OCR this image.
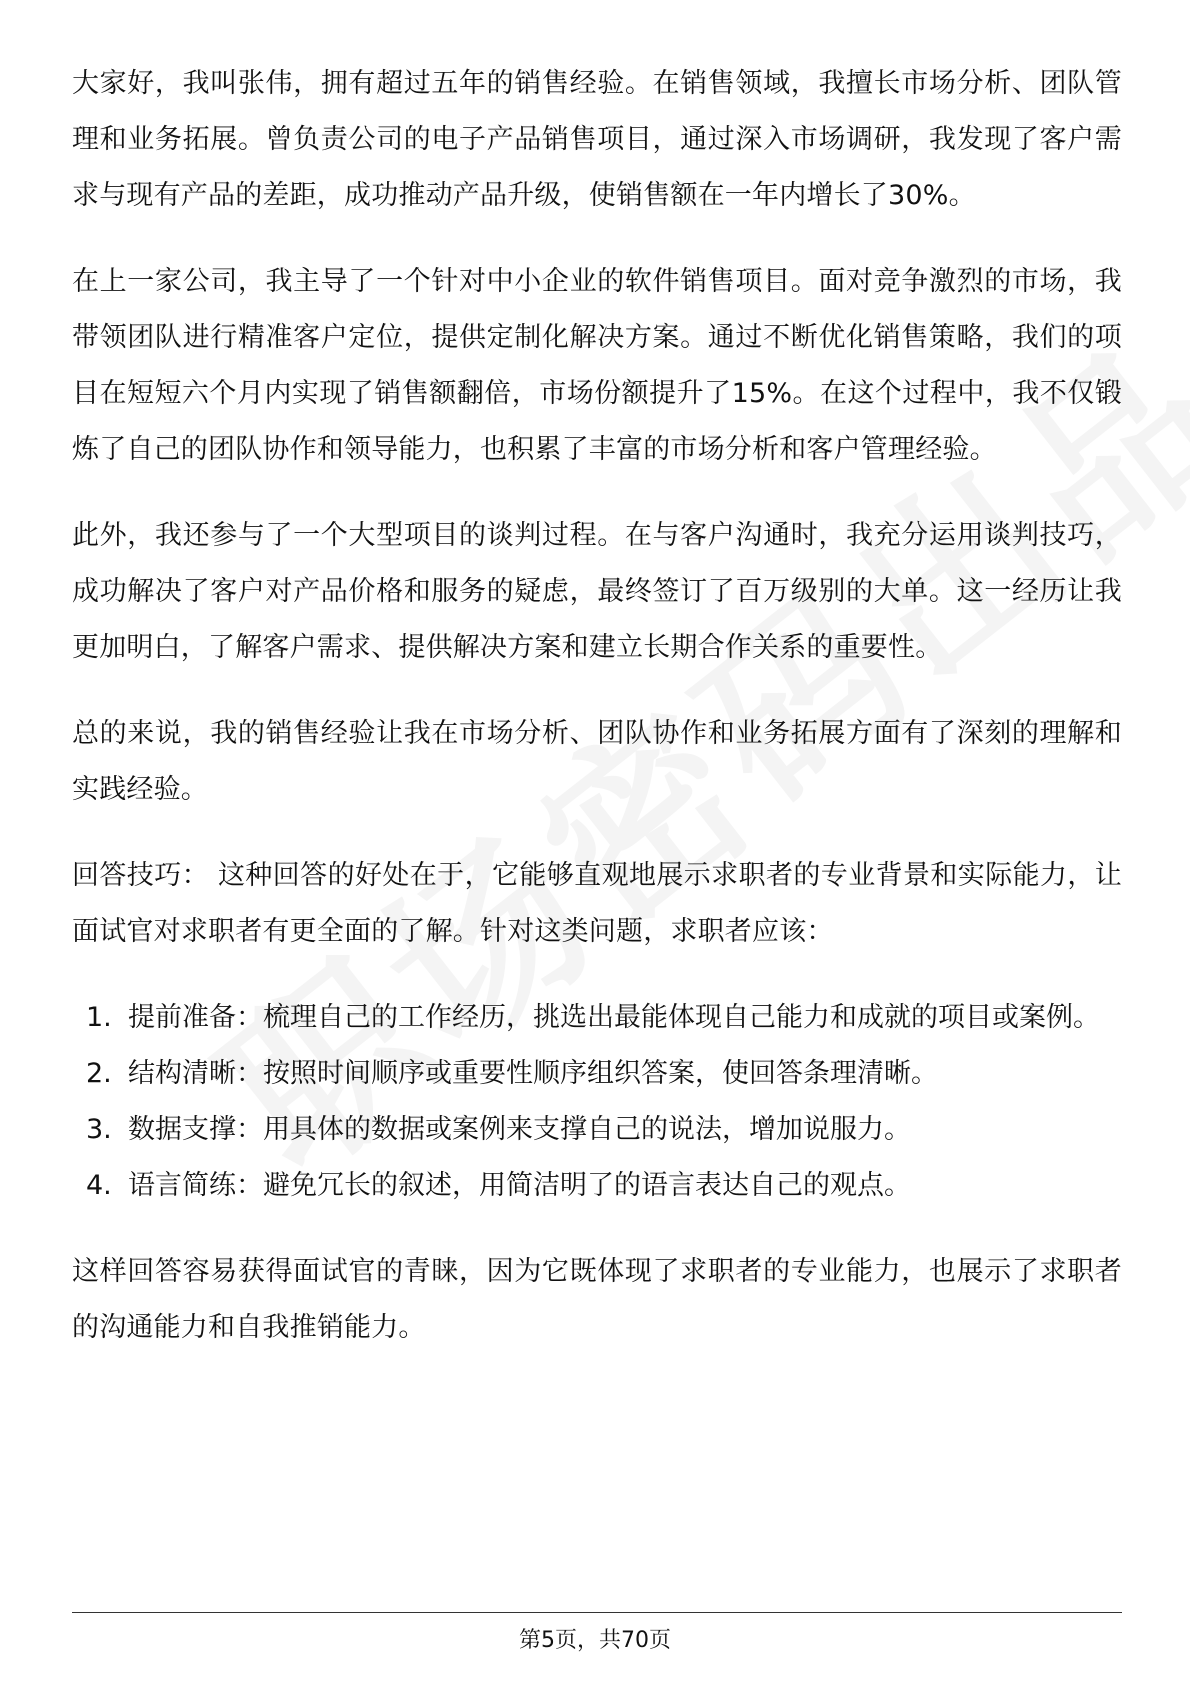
大家好，我叫张伟，拥有超过五年的销售经验。在销售领域，我擅长市场分析、团队管理和业务拓展。曾负责公司的电子产品销售项目，通过深入市场调研，我发现了客户需求与现有产品的差距，成功推动产品升级，使销售额在一年内增长了30%。

在上一家公司，我主导了一个针对中小企业的软件销售项目。面对竞争激烈的市场，我带领团队进行精准客户定位，提供定制化解决方案。通过不断优化销售策略，我们的项目在短短六个月内实现了销售额翻倍，市场份额提升了15%。在这个过程中，我不仅锻炼了自己的团队协作和领导能力，也积累了丰富的市场分析和客户管理经验。

此外，我还参与了一个大型项目的谈判过程。在与客户沟通时，我充分运用谈判技巧，成功解决了客户对产品价格和服务的疑虑，最终签订了百万级别的大单。这一经历让我更加明白，了解客户需求、提供解决方案和建立长期合作关系的重要性。

总的来说，我的销售经验让我在市场分析、团队协作和业务拓展方面有了深刻的理解和实践经验。

回答技巧： 这种回答的好处在于，它能够直观地展示求职者的专业背景和实际能力，让面试官对求职者有更全面的了解。针对这类问题，求职者应该：

1. 提前准备：梳理自己的工作经历，挑选出最能体现自己能力和成就的项目或案例。
2. 结构清晰：按照时间顺序或重要性顺序组织答案，使回答条理清晰。
3. 数据支撑：用具体的数据或案例来支撑自己的说法，增加说服力。
4. 语言简练：避免冗长的叙述，用简洁明了的语言表达自己的观点。

这样回答容易获得面试官的青睐，因为它既体现了求职者的专业能力，也展示了求职者的沟通能力和自我推销能力。

第5页，共70页
